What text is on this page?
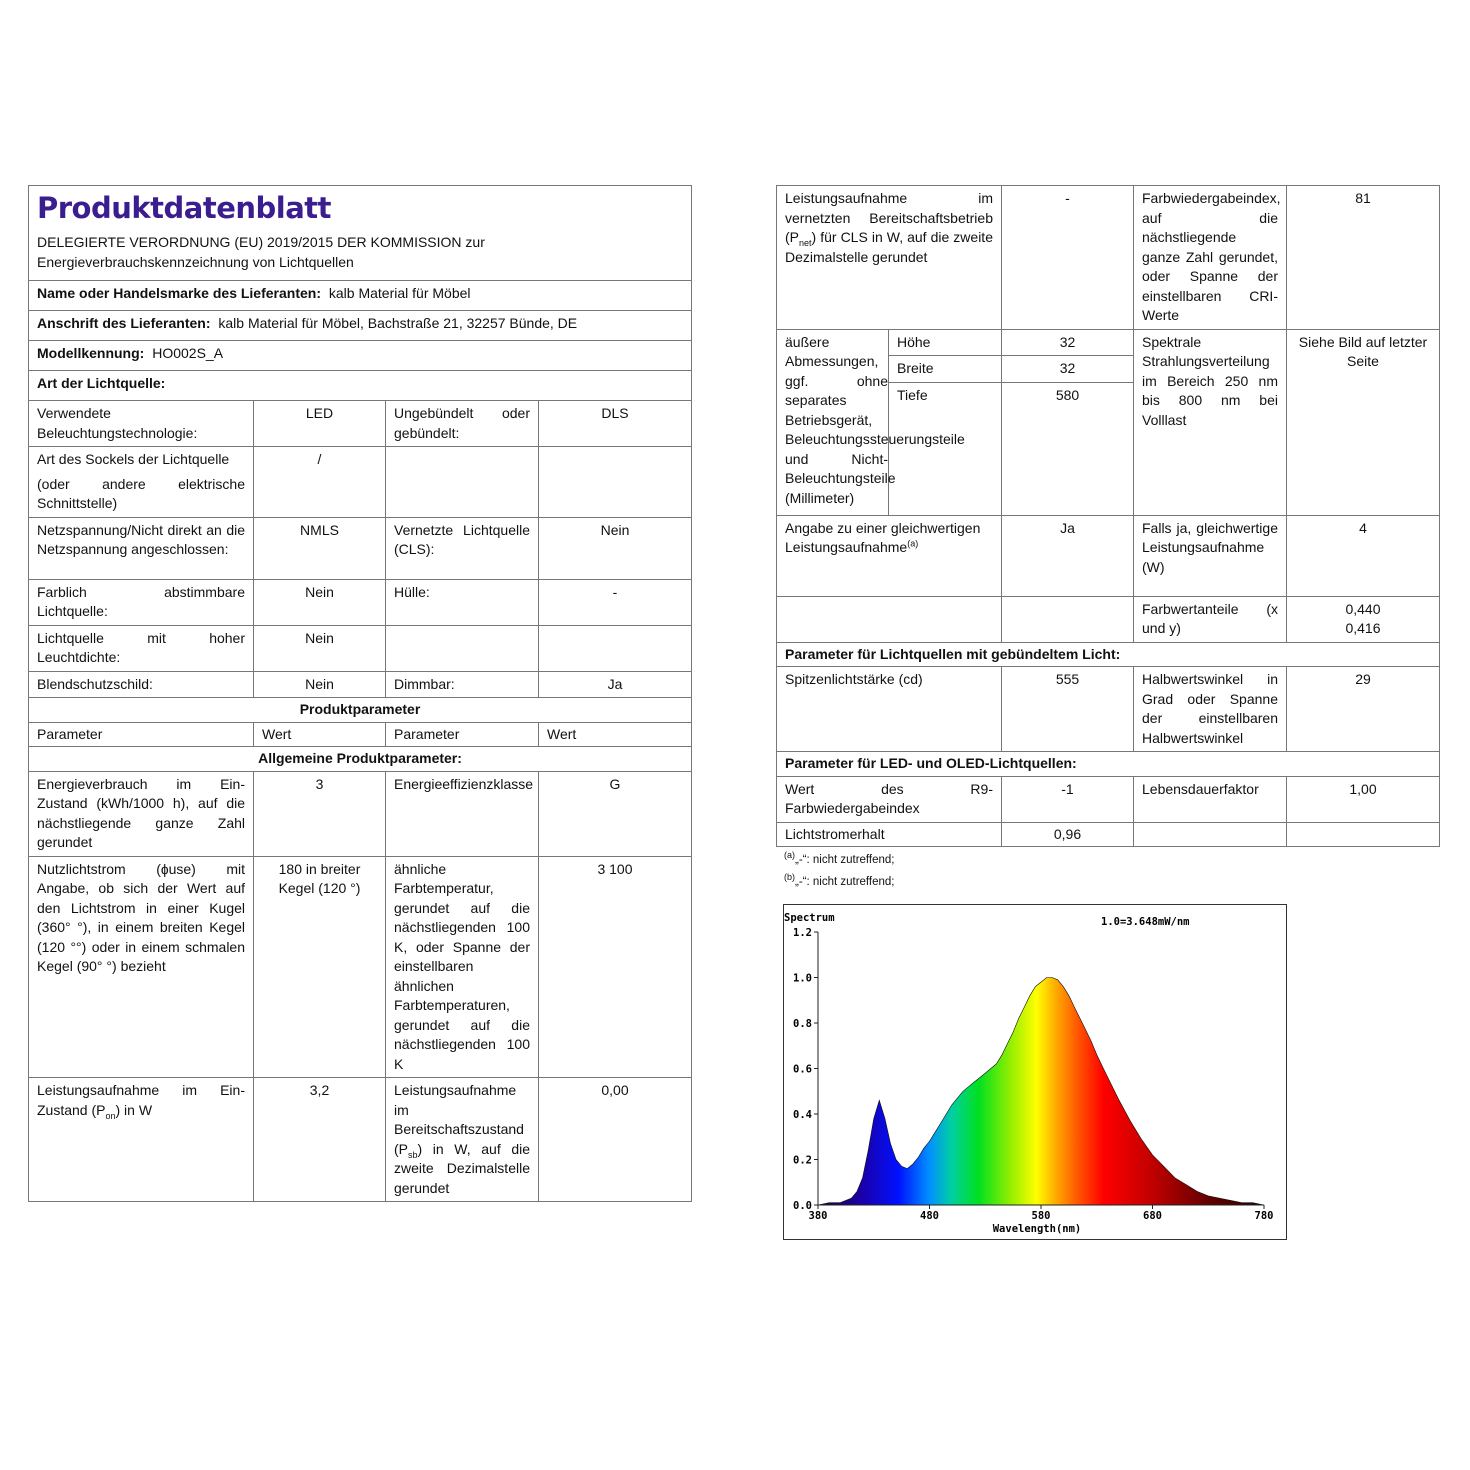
Produktdatenblatt
DELEGIERTE VERORDNUNG (EU) 2019/2015 DER KOMMISSION zur Energieverbrauchskennzeichnung von Lichtquellen			

Name oder Handelsmarke des Lieferanten: kalb Material für Möbel			
Anschrift des Lieferanten: kalb Material für Möbel, Bachstraße 21, 32257 Bünde, DE			
Modellkennung: HO002S_A			
Art der Lichtquelle:			
Verwendete Beleuchtungstechnologie:	LED	Ungebündelt oder gebündelt:	DLS

Art des Sockels der Lichtquelle
(oder andere elektrische Schnittstelle)	/		
Netzspannung/Nicht direkt an die Netzspannung angeschlossen:	NMLS	Vernetzte Lichtquelle (CLS):	Nein
Farblich abstimmbare Lichtquelle:	Nein	Hülle:	-
Lichtquelle mit hoher Leuchtdichte:	Nein		
Blendschutzschild:	Nein	Dimmbar:	Ja
Produktparameter			
Parameter	Wert	Parameter	Wert
Allgemeine Produktparameter:			
Energieverbrauch im Ein-Zustand (kWh/1000 h), auf die nächstliegende ganze Zahl gerundet	3	Energieeffizienzklasse	G
Nutzlichtstrom (ɸuse) mit Angabe, ob sich der Wert auf den Lichtstrom in einer Kugel (360° °), in einem breiten Kegel (120 °°) oder in einem schmalen Kegel (90° °) bezieht	180 in breiter Kegel (120 °)	ähnliche Farbtemperatur, gerundet auf die nächstliegenden 100 K, oder Spanne der einstellbaren ähnlichen Farbtemperaturen, gerundet auf die nächstliegenden 100 K	3 100
Leistungsaufnahme im Ein-Zustand $(P_{on})$ in W	3,2	Leistungsaufnahme im Bereitschaftszustand $(P_{sb})$ in W, auf die zweite Dezimalstelle gerundet	0,00
Leistungsaufnahme im vernetzten Bereitschaftsbetrieb $(P_{net})$ für CLS in W, auf die zweite Dezimalstelle gerundet		-	Farbwiedergabeindex, auf die nächstliegende ganze Zahl gerundet, oder Spanne der einstellbaren CRI-Werte	81
äußere Abmessungen, ggf. ohne separates Betriebsgerät, Beleuchtungssteuerungsteile und Nicht-Beleuchtungsteile (Millimeter)	Höhe	32	Spektrale Strahlungsverteilung im Bereich 250 nm bis 800 nm bei Volllast	Siehe Bild auf letzter Seite
	Breite	32		
	Tiefe	580		
Angabe zu einer gleichwertigen Leistungsaufnahme$^{(a)}$		Ja	Falls ja, gleichwertige Leistungsaufnahme (W)	4
			Farbwertanteile (x und y)	0,440
0,416

Parameter für Lichtquellen mit gebündeltem Licht:				
Spitzenlichtstärke (cd)		555	Halbwertswinkel in Grad oder Spanne der einstellbaren Halbwertswinkel	29
Parameter für LED- und OLED-Lichtquellen:				
Wert des R9-Farbwiedergabeindex		-1	Lebensdauerfaktor	1,00
Lichtstromerhalt		0,96		
$^{(a)}$„-“: nicht zutreffend;
$^{(b)}$„-“: nicht zutreffend;
Spectrum	1.0=3.648mW/nm
380	480	580	680	780
0.0
0.2
0.4
0.6
0.8
1.0
1.2
Wavelength(nm)
